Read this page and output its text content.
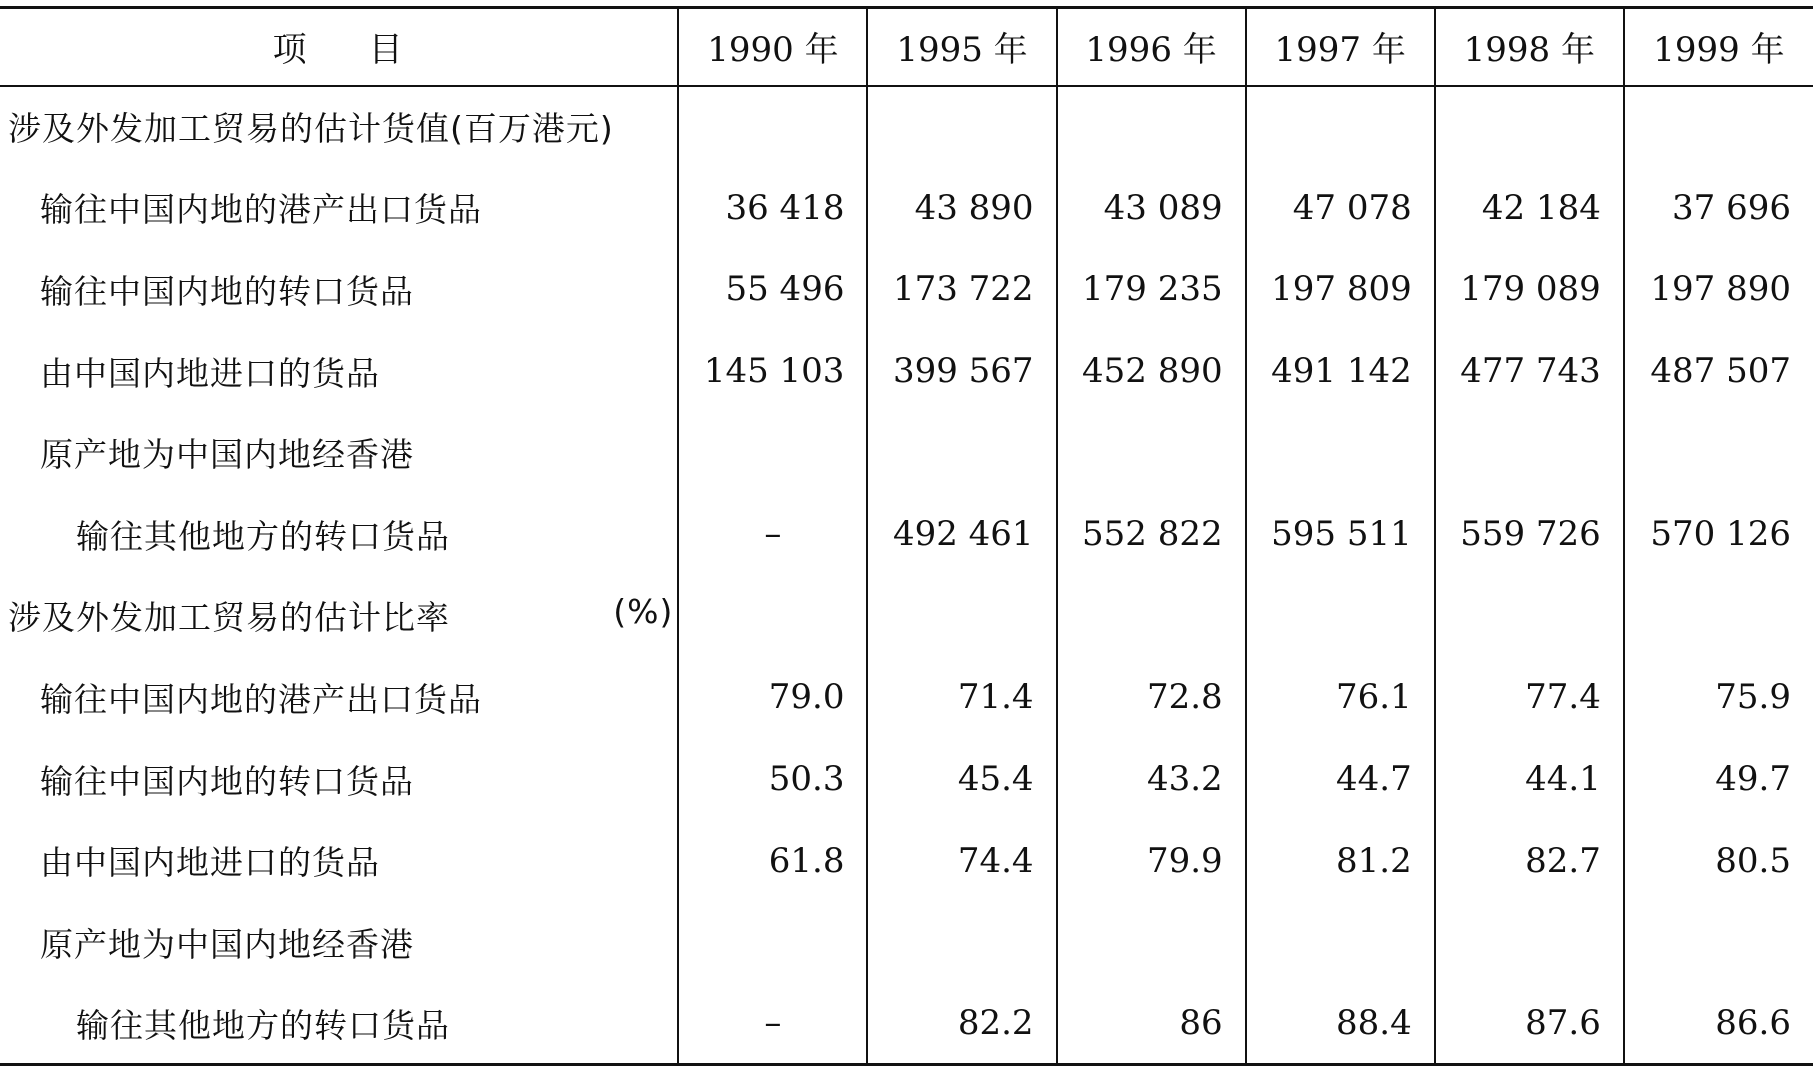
项 目	1990 年	1995 年	1996 年	1997 年	1998 年	1999 年
涉及外发加工贸易的估计货值(百万港元)						
输往中国内地的港产出口货品	36 418	43 890	43 089	47 078	42 184	37 696
输往中国内地的转口货品	55 496	173 722	179 235	197 809	179 089	197 890
由中国内地进口的货品	145 103	399 567	452 890	491 142	477 743	487 507
原产地为中国内地经香港						
输往其他地方的转口货品	–	492 461	552 822	595 511	559 726	570 126
涉及外发加工贸易的估计比率 (%)						

输往中国内地的港产出口货品	79.0	71.4	72.8	76.1	77.4	75.9
输往中国内地的转口货品	50.3	45.4	43.2	44.7	44.1	49.7
由中国内地进口的货品	61.8	74.4	79.9	81.2	82.7	80.5
原产地为中国内地经香港						
输往其他地方的转口货品	–	82.2	86	88.4	87.6	86.6
